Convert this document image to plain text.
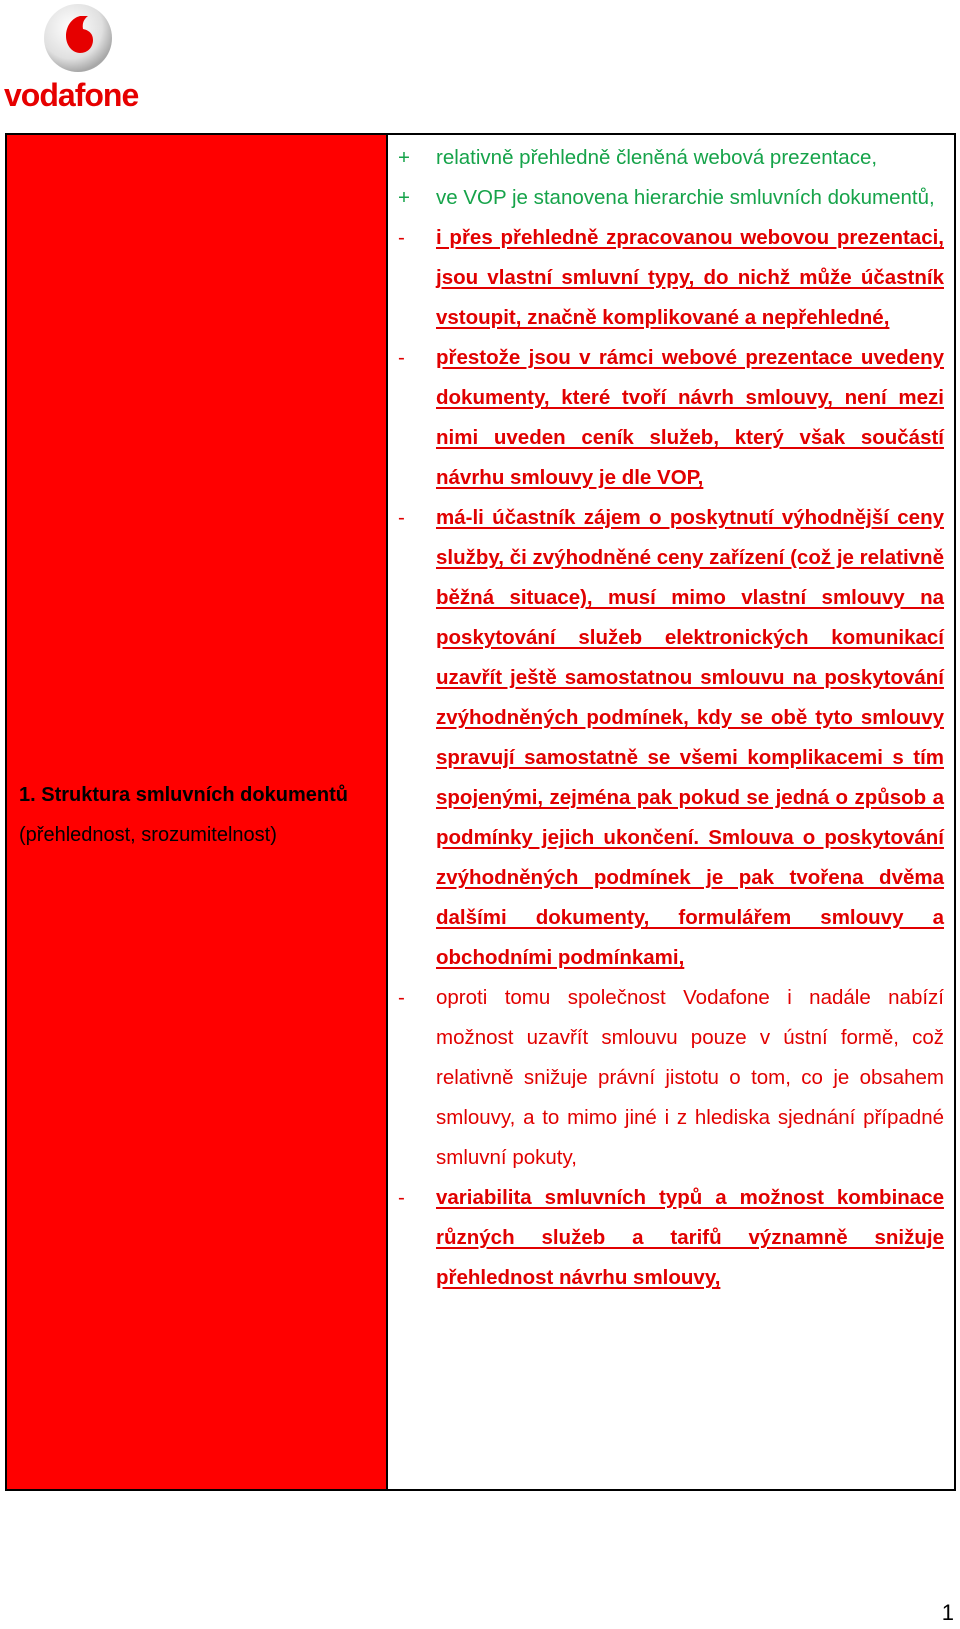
vodafone
1. Struktura smluvních dokumentů
(přehlednost, srozumitelnost)
+	relativně přehledně členěná webová prezentace,
+	ve VOP je stanovena hierarchie smluvních dokumentů,
-	i přes přehledně zpracovanou webovou prezentaci, jsou vlastní smluvní typy, do nichž může účastník vstoupit, značně komplikované a nepřehledné,
-	přestože jsou v rámci webové prezentace uvedeny dokumenty, které tvoří návrh smlouvy, není mezi nimi uveden ceník služeb, který však součástí návrhu smlouvy je dle VOP,
-	má-li účastník zájem o poskytnutí výhodnější ceny služby, či zvýhodněné ceny zařízení (což je relativně běžná situace), musí mimo vlastní smlouvy na poskytování služeb elektronických komunikací uzavřít ještě samostatnou smlouvu na poskytování zvýhodněných podmínek, kdy se obě tyto smlouvy spravují samostatně se všemi komplikacemi s tím spojenými, zejména pak pokud se jedná o způsob a podmínky jejich ukončení. Smlouva o poskytování zvýhodněných podmínek je pak tvořena dvěma dalšími dokumenty, formulářem smlouvy a obchodními podmínkami,
-	oproti tomu společnost Vodafone i nadále nabízí možnost uzavřít smlouvu pouze v ústní formě, což relativně snižuje právní jistotu o tom, co je obsahem smlouvy, a to mimo jiné i z hlediska sjednání případné smluvní pokuty,
-	variabilita smluvních typů a možnost kombinace různých služeb a tarifů významně snižuje přehlednost návrhu smlouvy,
1
